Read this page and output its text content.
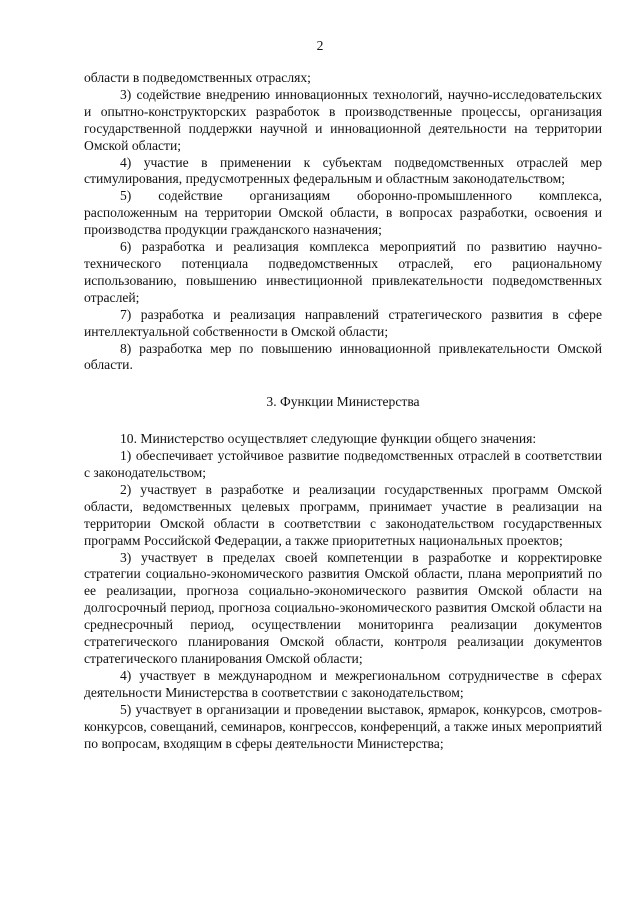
2

области в подведомственных отраслях;

3) содействие внедрению инновационных технологий, научно-исследовательских и опытно-конструкторских разработок в производственные процессы, организация государственной поддержки научной и инновационной деятельности на территории Омской области;

4) участие в применении к субъектам подведомственных отраслей мер стимулирования, предусмотренных федеральным и областным законодательством;

5) содействие организациям оборонно-промышленного комплекса, расположенным на территории Омской области, в вопросах разработки, освоения и производства продукции гражданского назначения;

6) разработка и реализация комплекса мероприятий по развитию научно-технического потенциала подведомственных отраслей, его рациональному использованию, повышению инвестиционной привлекательности подведомственных отраслей;

7) разработка и реализация направлений стратегического развития в сфере интеллектуальной собственности в Омской области;

8) разработка мер по повышению инновационной привлекательности Омской области.

3. Функции Министерства

10. Министерство осуществляет следующие функции общего значения:

1) обеспечивает устойчивое развитие подведомственных отраслей в соответствии с законодательством;

2) участвует в разработке и реализации государственных программ Омской области, ведомственных целевых программ, принимает участие в реализации на территории Омской области в соответствии с законодательством государственных программ Российской Федерации, а также приоритетных национальных проектов;

3) участвует в пределах своей компетенции в разработке и корректировке стратегии социально-экономического развития Омской области, плана мероприятий по ее реализации, прогноза социально-экономического развития Омской области на долгосрочный период, прогноза социально-экономического развития Омской области на среднесрочный период, осуществлении мониторинга реализации документов стратегического планирования Омской области, контроля реализации документов стратегического планирования Омской области;

4) участвует в международном и межрегиональном сотрудничестве в сферах деятельности Министерства в соответствии с законодательством;

5) участвует в организации и проведении выставок, ярмарок, конкурсов, смотров-конкурсов, совещаний, семинаров, конгрессов, конференций, а также иных мероприятий по вопросам, входящим в сферы деятельности Министерства;
